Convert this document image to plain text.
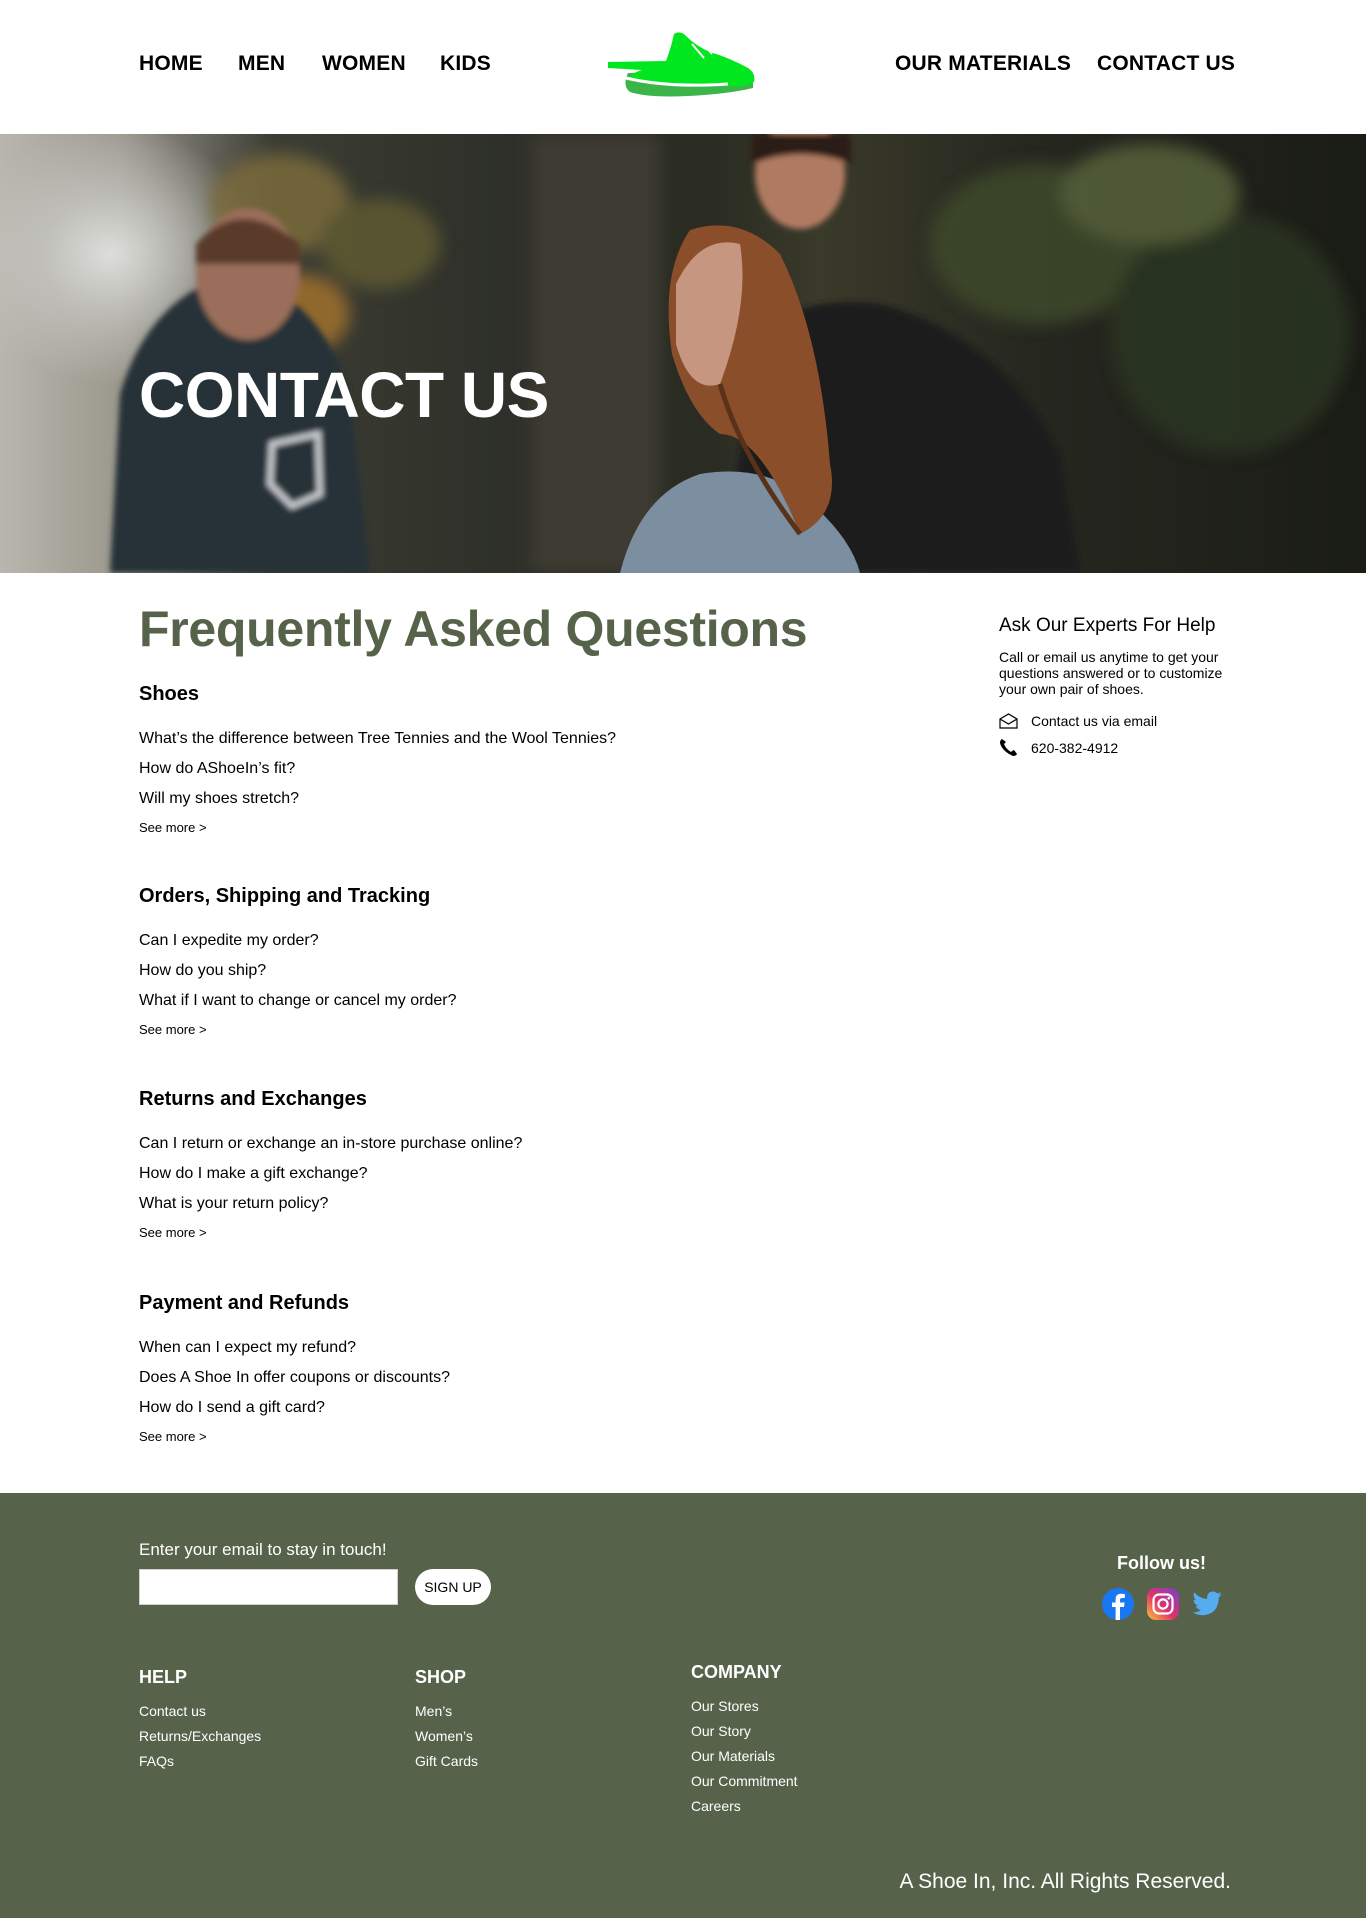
HOME MEN WOMEN KIDS	OUR MATERIALS CONTACT US
CONTACT US
Frequently Asked Questions
Shoes
What’s the difference between Tree Tennies and the Wool Tennies?
How do AShoeIn’s fit?
Will my shoes stretch?
See more >
Orders, Shipping and Tracking
Can I expedite my order?
How do you ship?
What if I want to change or cancel my order?
See more >
Returns and Exchanges
Can I return or exchange an in-store purchase online?
How do I make a gift exchange?
What is your return policy?
See more >
Payment and Refunds
When can I expect my refund?
Does A Shoe In offer coupons or discounts?
How do I send a gift card?
See more >
Ask Our Experts For Help
Call or email us anytime to get your questions answered or to customize your own pair of shoes.
Contact us via email
620-382-4912
Enter your email to stay in touch!
SIGN UP
Follow us!
HELP
Contact us
Returns/Exchanges
FAQs
SHOP
Men’s
Women’s
Gift Cards
COMPANY
Our Stores
Our Story
Our Materials
Our Commitment
Careers
A Shoe In, Inc. All Rights Reserved.
